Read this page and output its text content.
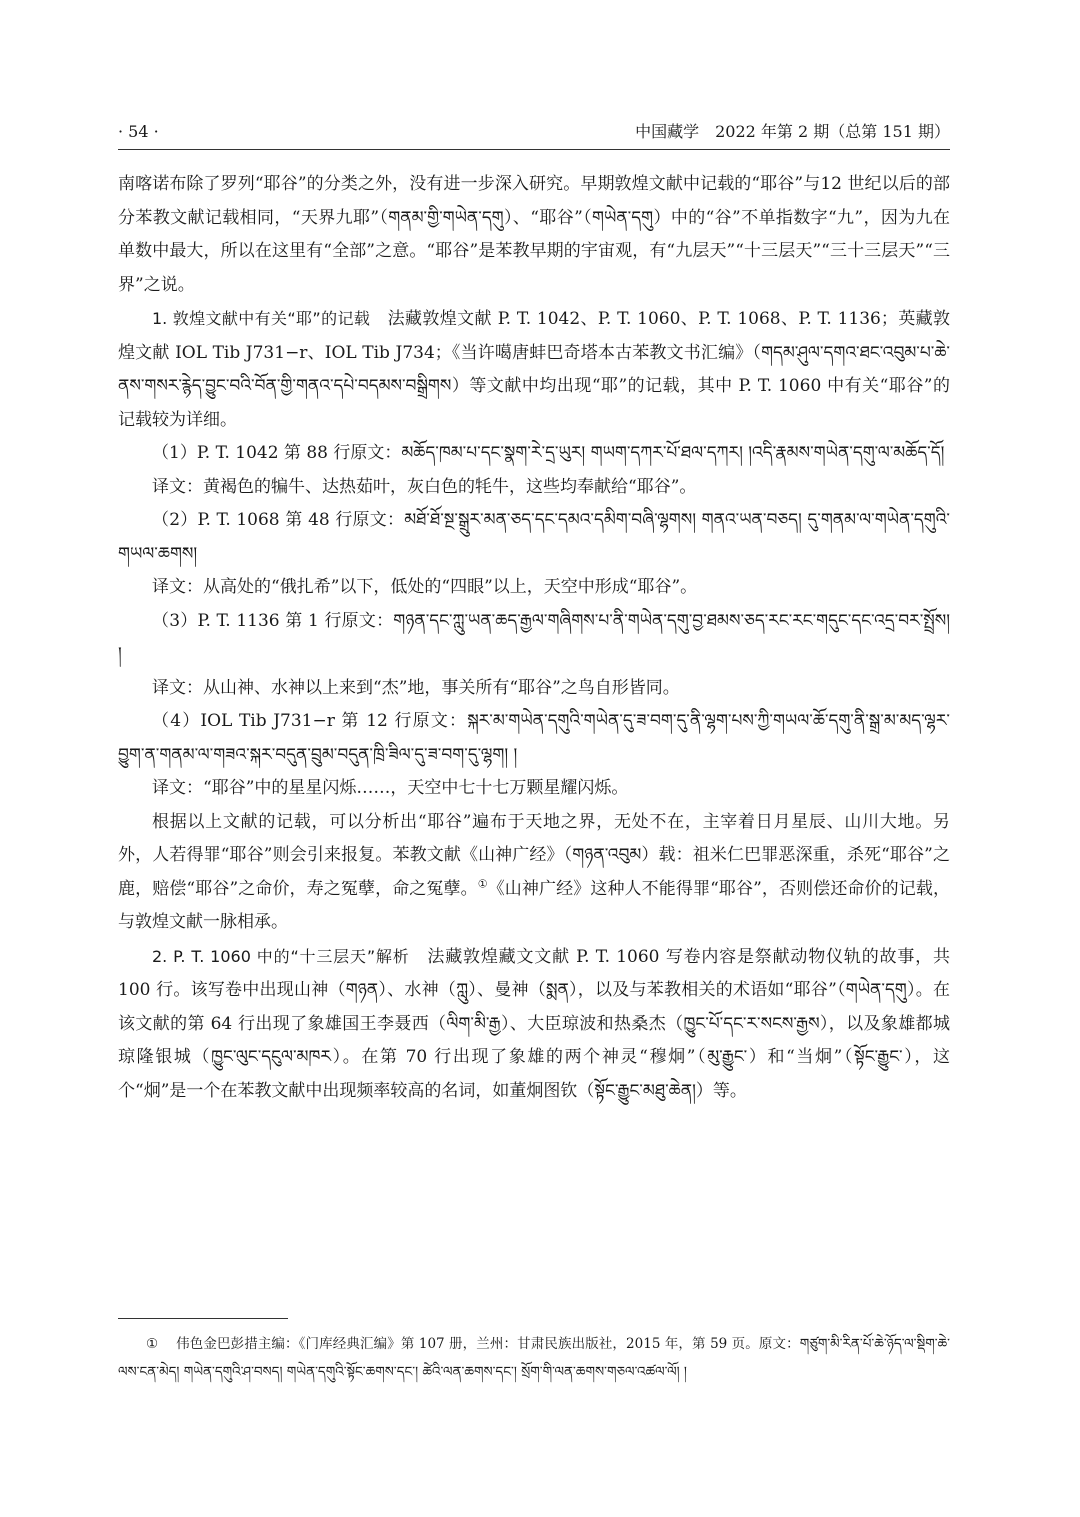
· 54 ·	中国藏学　2022 年第 2 期（总第 151 期）

南喀诺布除了罗列“耶谷”的分类之外，没有进一步深入研究。早期敦煌文献中记载的“耶谷”与12 世纪以后的部分苯教文献记载相同，“天界九耶”（གནམ་གྱི་གཡེན་དགུ）、“耶谷”（གཡེན་དགུ）中的“谷”不单指数字“九”，因为九在单数中最大，所以在这里有“全部”之意。“耶谷”是苯教早期的宇宙观，有“九层天”“十三层天”“三十三层天”“三界”之说。

1. 敦煌文献中有关“耶”的记载　法藏敦煌文献 P. T. 1042、P. T. 1060、P. T. 1068、P. T. 1136；英藏敦煌文献 IOL Tib J731−r、IOL Tib J734；《当许噶唐蚌巴奇塔本古苯教文书汇编》（གདམ་ཤུལ་དགའ་ཐང་འབུམ་པ་ཆེ་ནས་གསར་རྙེད་བྱུང་བའི་བོན་གྱི་གནའ་དཔེ་བདམས་བསྒྲིགས）等文献中均出现“耶”的记载，其中 P. T. 1060 中有关“耶谷”的记载较为详细。

（1）P. T. 1042 第 88 行原文：མཆོད་ཁམ་པ་དང་སྣག་རེ་དྲ་ཡུར། གཡག་དཀར་པོ་ཐལ་དཀར། །འདི་རྣམས་གཡེན་དགུ་ལ་མཆོད་དོ།

译文：黄褐色的犏牛、达热茹叶，灰白色的牦牛，这些均奉献给“耶谷”。

（2）P. T. 1068 第 48 行原文：མཐོ་ཐོ་སྔ་སྒྲུར་མན་ཅད་དང་དམའ་དམིག་བཞི་ལྷགས། གནའ་ཡན་བཅད། དུ་གནམ་ལ་གཡེན་དགུའི་གཡལ་ཆགས།

译文：从高处的“俄扎希”以下，低处的“四眼”以上，天空中形成“耶谷”。

（3）P. T. 1136 第 1 行原文：གཉན་དང་ཀླུ་ཡན་ཆད་རྒྱལ་གཞིགས་པ་ནི་གཡེན་དགུ་བྱ་ཐམས་ཅད་རང་རང་གདུང་དང་འདྲ་བར་སྤྲོས། །

译文：从山神、水神以上来到“杰”地，事关所有“耶谷”之鸟自形皆同。

（4）IOL Tib J731−r 第 12 行原文：སྐར་མ་གཡེན་དགུའི་གཡེན་དུ་ཟ་བག་དུ་ནི་ལྷག་པས་ཀྱི་གཡལ་ཆོ་དགུ་ནི་སྒྲ་མ་མད་ལྷར་བྱུག་ན་གནམ་ལ་གཟའ་སྐར་བདུན་བྲུམ་བདུན་ཁྲི་ཟིལ་དུ་ཟ་བག་དུ་ལྷག། །

译文：“耶谷”中的星星闪烁……，天空中七十七万颗星耀闪烁。

根据以上文献的记载，可以分析出“耶谷”遍布于天地之界，无处不在，主宰着日月星辰、山川大地。另外，人若得罪“耶谷”则会引来报复。苯教文献《山神广经》（གཉན་འབུམ）载：祖米仁巴罪恶深重，杀死“耶谷”之鹿，赔偿“耶谷”之命价，寿之冤孽，命之冤孽。①《山神广经》这种人不能得罪“耶谷”，否则偿还命价的记载，与敦煌文献一脉相承。

2. P. T. 1060 中的“十三层天”解析　法藏敦煌藏文文献 P. T. 1060 写卷内容是祭献动物仪轨的故事，共 100 行。该写卷中出现山神（གཉན）、水神（ཀླུ）、曼神（སྨན），以及与苯教相关的术语如“耶谷”（གཡེན་དགུ）。在该文献的第 64 行出现了象雄国王李聂西（ལིག་མི་རྒྱ）、大臣琼波和热桑杰（ཁྱུང་པོ་དང་ར་སངས་རྒྱས），以及象雄都城琼隆银城（ཁྱུང་ལུང་དངུལ་མཁར）。在第 70 行出现了象雄的两个神灵“穆炯”（མུ་རྒྱུང་）和“当炯”（སྟོང་རྒྱུང་），这个“炯”是一个在苯教文献中出现频率较高的名词，如董炯图钦（སྟོང་རྒྱུང་མཐུ་ཆེན།）等。

① 伟色金巴彭措主编：《门库经典汇编》第 107 册，兰州：甘肃民族出版社，2015 年，第 59 页。原文：གཙུག་མི་རིན་པོ་ཆེ་ཉོད་ལ་སྡིག་ཆེ་ལས་ངན་མེད། གཡེན་དགུའི་ཤ་བསད། གཡེན་དགུའི་སྟོང་ཆགས་དང་། ཚེའི་ལན་ཆགས་དང་། སྲོག་གི་ལན་ཆགས་གཅལ་འཚལ་ལོ། །
